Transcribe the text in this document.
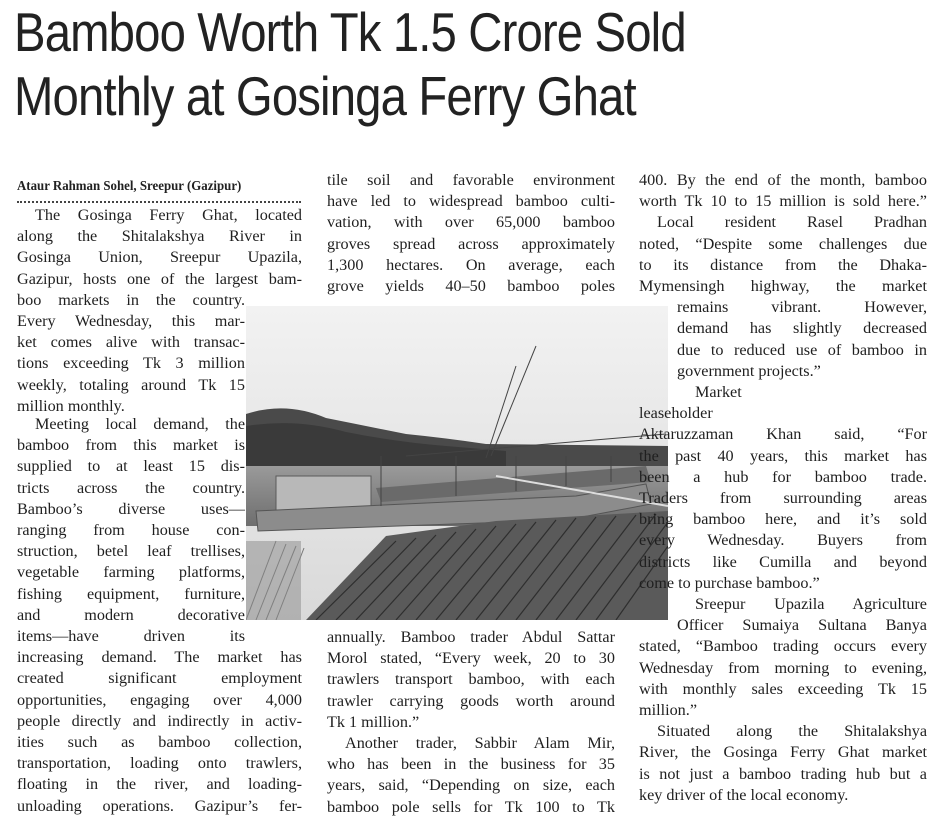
Bamboo Worth Tk 1.5 Crore Sold
Monthly at Gosinga Ferry Ghat
Ataur Rahman Sohel, Sreepur (Gazipur)
The Gosinga Ferry Ghat, located
along the Shitalakshya River in
Gosinga Union, Sreepur Upazila,
Gazipur, hosts one of the largest bam-
boo markets in the country.
Every Wednesday, this mar-
ket comes alive with transac-
tions exceeding Tk 3 million
weekly, totaling around Tk 15
million monthly.
Meeting local demand, the
bamboo from this market is
supplied to at least 15 dis-
tricts across the country.
Bamboo’s diverse uses—
ranging from house con-
struction, betel leaf trellises,
vegetable farming platforms,
fishing equipment, furniture,
and modern decorative
items—have driven its
increasing demand. The market has
created significant employment
opportunities, engaging over 4,000
people directly and indirectly in activ-
ities such as bamboo collection,
transportation, loading onto trawlers,
floating in the river, and loading-
unloading operations. Gazipur’s fer-
tile soil and favorable environment
have led to widespread bamboo culti-
vation, with over 65,000 bamboo
groves spread across approximately
1,300 hectares. On average, each
grove yields 40–50 bamboo poles
annually. Bamboo trader Abdul Sattar
Morol stated, “Every week, 20 to 30
trawlers transport bamboo, with each
trawler carrying goods worth around
Tk 1 million.”
Another trader, Sabbir Alam Mir,
who has been in the business for 35
years, said, “Depending on size, each
bamboo pole sells for Tk 100 to Tk
400. By the end of the month, bamboo
worth Tk 10 to 15 million is sold here.”
Local resident Rasel Pradhan
noted, “Despite some challenges due
to its distance from the Dhaka-
Mymensingh highway, the market
remains vibrant. However,
demand has slightly decreased
due to reduced use of bamboo in
government projects.”
Market leaseholder
Aktaruzzaman Khan said, “For
the past 40 years, this market has
been a hub for bamboo trade.
Traders from surrounding areas
bring bamboo here, and it’s sold
every Wednesday. Buyers from
districts like Cumilla and beyond
come to purchase bamboo.”
Sreepur Upazila Agriculture
Officer Sumaiya Sultana Banya
stated, “Bamboo trading occurs every
Wednesday from morning to evening,
with monthly sales exceeding Tk 15
million.”
Situated along the Shitalakshya
River, the Gosinga Ferry Ghat market
is not just a bamboo trading hub but a
key driver of the local economy.
